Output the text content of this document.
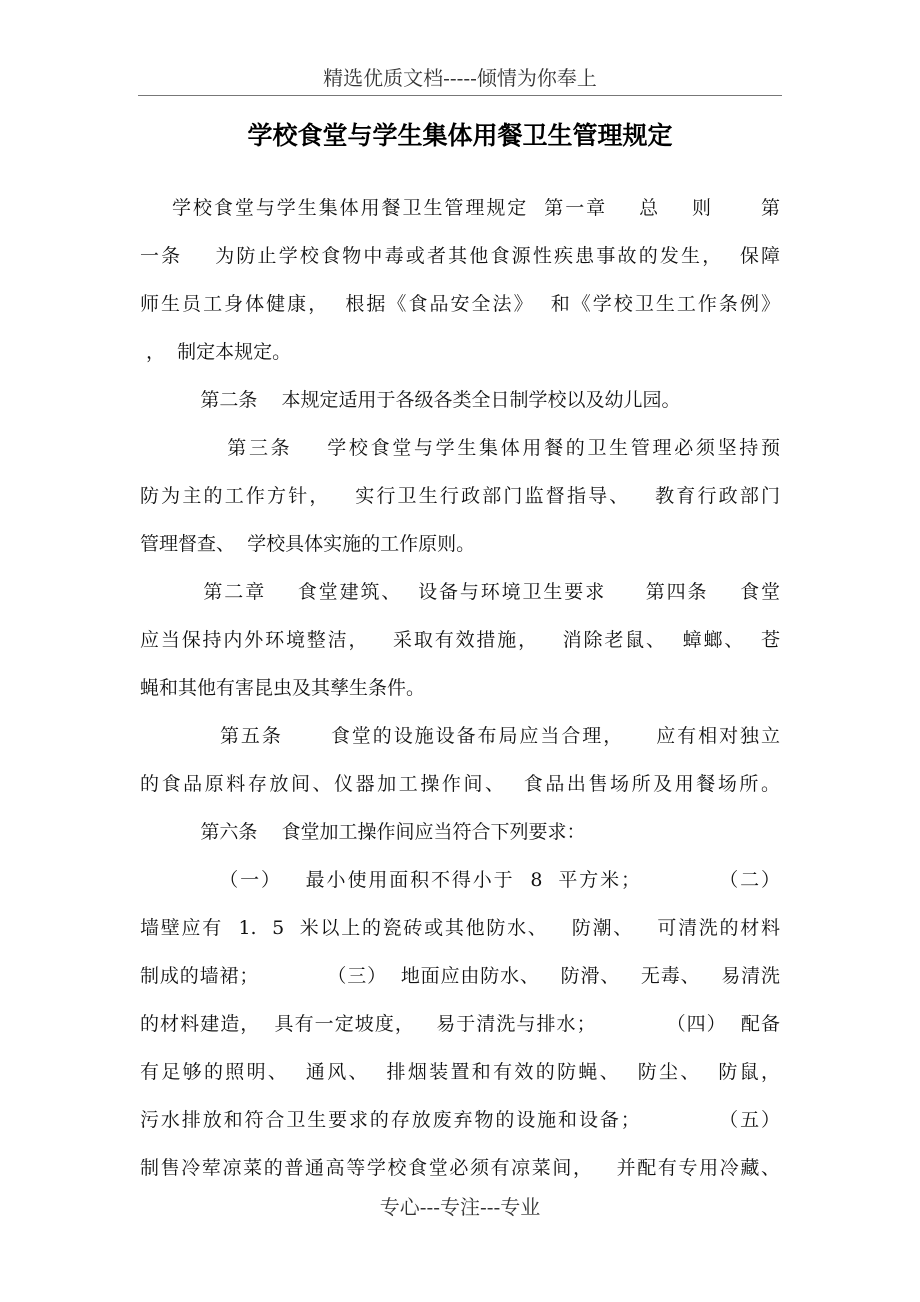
精选优质文档-----倾情为你奉上
学校食堂与学生集体用餐卫生管理规定
学校食堂与学生集体用餐卫生管理规定  第一章    总    则      第
一条    为防止学校食物中毒或者其他食源性疾患事故的发生，  保障
师生员工身体健康，  根据《食品安全法》  和《学校卫生工作条例》
，  制定本规定。
第二条    本规定适用于各级各类全日制学校以及幼儿园。
第三条    学校食堂与学生集体用餐的卫生管理必须坚持预
防为主的工作方针，   实行卫生行政部门监督指导、   教育行政部门
管理督查、  学校具体实施的工作原则。
第二章    食堂建筑、  设备与环境卫生要求     第四条    食堂
应当保持内外环境整洁，   采取有效措施，   消除老鼠、  蟑螂、  苍
蝇和其他有害昆虫及其孳生条件。
第五条      食堂的设施设备布局应当合理，    应有相对独立
的食品原料存放间、仪器加工操作间、  食品出售场所及用餐场所。
第六条    食堂加工操作间应当符合下列要求：
（一）   最小使用面积不得小于  8  平方米；          （二）
墙壁应有  1.  5  米以上的瓷砖或其他防水、   防潮、   可清洗的材料
制成的墙裙；          （三）  地面应由防水、   防滑、   无毒、   易清洗
的材料建造，  具有一定坡度，   易于清洗与排水；          （四）  配备
有足够的照明、  通风、  排烟装置和有效的防蝇、  防尘、  防鼠，
污水排放和符合卫生要求的存放废弃物的设施和设备；          （五）
制售冷荤凉菜的普通高等学校食堂必须有凉菜间，   并配有专用冷藏、
专心---专注---专业
